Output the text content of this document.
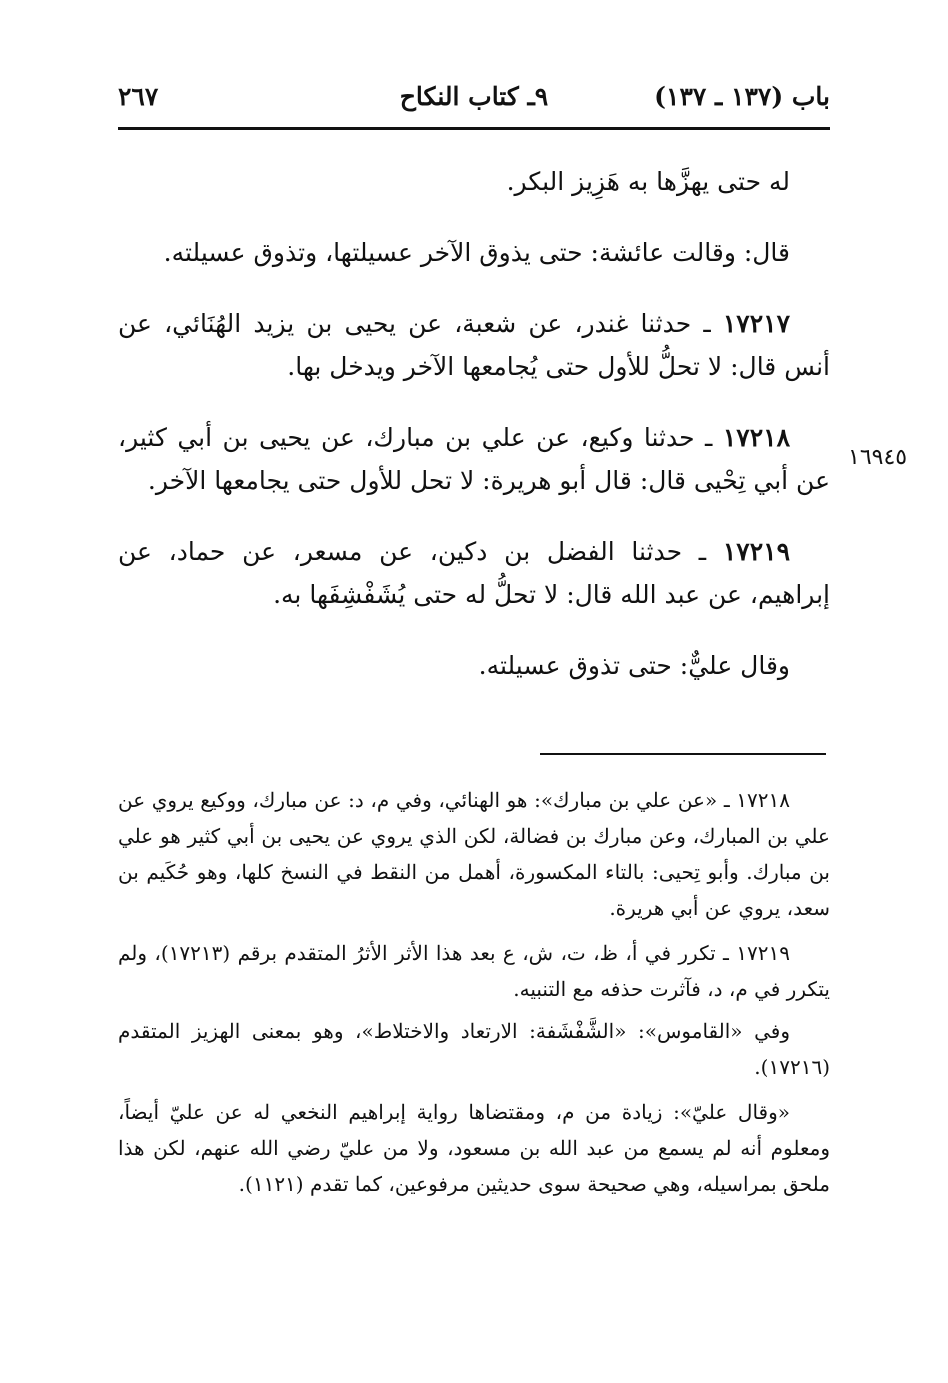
باب (١٣٧ ـ ١٣٧)
٩ـ كتاب النكاح
٢٦٧

له حتى يهزَّها به هَزِيز البكر.

قال: وقالت عائشة: حتى يذوق الآخر عسيلتها، وتذوق عسيلته.

١٧٢١٧ ـ حدثنا غندر، عن شعبة، عن يحيى بن يزيد الهُنَائي، عن أنس قال: لا تحلُّ للأول حتى يُجامعها الآخر ويدخل بها.

١٧٢١٨ ـ حدثنا وكيع، عن علي بن مبارك، عن يحيى بن أبي كثير، عن أبي تِحْيى قال: قال أبو هريرة: لا تحل للأول حتى يجامعها الآخر.

١٧٢١٩ ـ حدثنا الفضل بن دكين، عن مسعر، عن حماد، عن إبراهيم، عن عبد الله قال: لا تحلُّ له حتى يُشَفْشِفَها به.

وقال عليٌّ: حتى تذوق عسيلته.

١٦٩٤٥

١٧٢١٨ ـ «عن علي بن مبارك»: هو الهنائي، وفي م، د: عن مبارك، ووكيع يروي عن علي بن المبارك، وعن مبارك بن فضالة، لكن الذي يروي عن يحيى بن أبي كثير هو علي بن مبارك. وأبو تِحيى: بالتاء المكسورة، أهمل من النقط في النسخ كلها، وهو حُكَيم بن سعد، يروي عن أبي هريرة.

١٧٢١٩ ـ تكرر في أ، ظ، ت، ش، ع بعد هذا الأثر الأثرُ المتقدم برقم (١٧٢١٣)، ولم يتكرر في م، د، فآثرت حذفه مع التنبيه.

وفي «القاموس»: «الشَّفْشَفة: الارتعاد والاختلاط»، وهو بمعنى الهزيز المتقدم (١٧٢١٦).

«وقال عليّ»: زيادة من م، ومقتضاها رواية إبراهيم النخعي له عن عليّ أيضاً، ومعلوم أنه لم يسمع من عبد الله بن مسعود، ولا من عليّ رضي الله عنهم، لكن هذا ملحق بمراسيله، وهي صحيحة سوى حديثين مرفوعين، كما تقدم (١١٢١).
